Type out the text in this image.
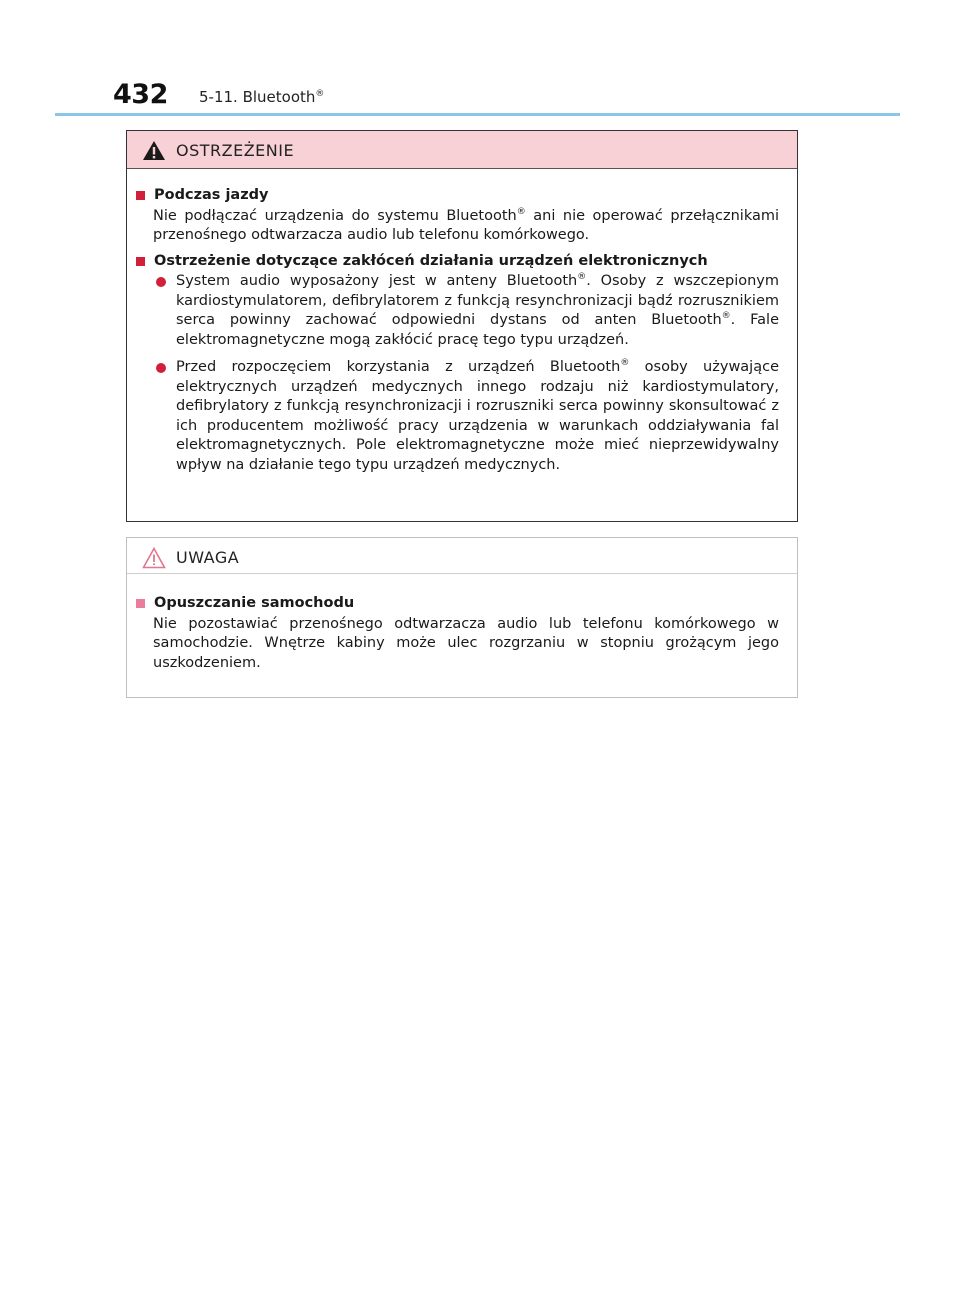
432 5-11. Bluetooth®
OSTRZEŻENIE
Podczas jazdy
Nie podłączać urządzenia do systemu Bluetooth® ani nie operować przełącznikami przenośnego odtwarzacza audio lub telefonu komórkowego.
Ostrzeżenie dotyczące zakłóceń działania urządzeń elektronicznych
System audio wyposażony jest w anteny Bluetooth®. Osoby z wszczepionym kardiostymulatorem, defibrylatorem z funkcją resynchronizacji bądź rozrusznikiem serca powinny zachować odpowiedni dystans od anten Bluetooth®. Fale elektromagnetyczne mogą zakłócić pracę tego typu urządzeń.
Przed rozpoczęciem korzystania z urządzeń Bluetooth® osoby używające elektrycznych urządzeń medycznych innego rodzaju niż kardiostymulatory, defibrylatory z funkcją resynchronizacji i rozruszniki serca powinny skonsultować z ich producentem możliwość pracy urządzenia w warunkach oddziaływania fal elektromagnetycznych. Pole elektromagnetyczne może mieć nieprzewidywalny wpływ na działanie tego typu urządzeń medycznych.
UWAGA
Opuszczanie samochodu
Nie pozostawiać przenośnego odtwarzacza audio lub telefonu komórkowego w samochodzie. Wnętrze kabiny może ulec rozgrzaniu w stopniu grożącym jego uszkodzeniem.
